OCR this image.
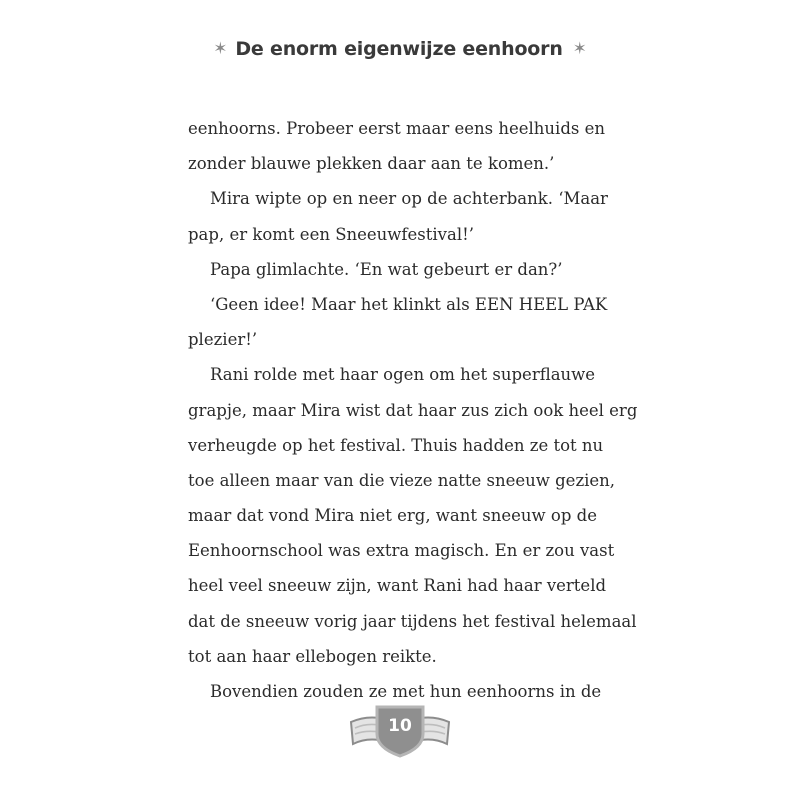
✶ De enorm eigenwijze eenhoorn ✶
eenhoorns. Probeer eerst maar eens heelhuids en
zonder blauwe plekken daar aan te komen.’
Mira wipte op en neer op de achterbank. ‘Maar
pap, er komt een Sneeuwfestival!’
Papa glimlachte. ‘En wat gebeurt er dan?’
‘Geen idee! Maar het klinkt als EEN HEEL PAK
plezier!’
Rani rolde met haar ogen om het superflauwe
grapje, maar Mira wist dat haar zus zich ook heel erg
verheugde op het festival. Thuis hadden ze tot nu
toe alleen maar van die vieze natte sneeuw gezien,
maar dat vond Mira niet erg, want sneeuw op de
Eenhoornschool was extra magisch. En er zou vast
heel veel sneeuw zijn, want Rani had haar verteld
dat de sneeuw vorig jaar tijdens het festival helemaal
tot aan haar ellebogen reikte.
Bovendien zouden ze met hun eenhoorns in de
10
